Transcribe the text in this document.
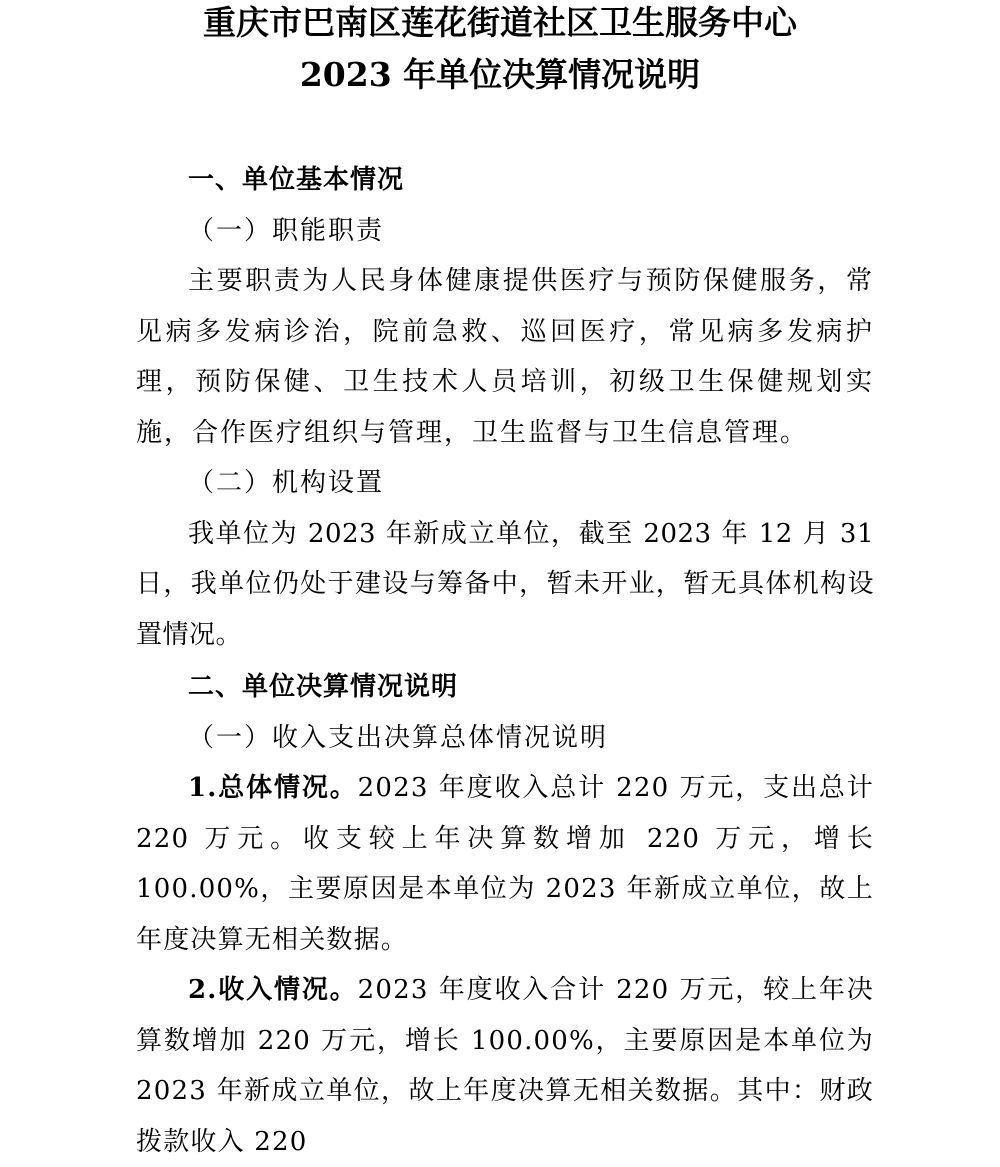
重庆市巴南区莲花街道社区卫生服务中心
2023 年单位决算情况说明

一、单位基本情况

（一）职能职责

主要职责为人民身体健康提供医疗与预防保健服务，常见病多发病诊治，院前急救、巡回医疗，常见病多发病护理，预防保健、卫生技术人员培训，初级卫生保健规划实施，合作医疗组织与管理，卫生监督与卫生信息管理。

（二）机构设置

我单位为 2023 年新成立单位，截至 2023 年 12 月 31 日，我单位仍处于建设与筹备中，暂未开业，暂无具体机构设置情况。

二、单位决算情况说明

（一）收入支出决算总体情况说明

1.总体情况。2023 年度收入总计 220 万元，支出总计 220 万元。收支较上年决算数增加 220 万元，增长 100.00%，主要原因是本单位为 2023 年新成立单位，故上年度决算无相关数据。

2.收入情况。2023 年度收入合计 220 万元，较上年决算数增加 220 万元，增长 100.00%，主要原因是本单位为 2023 年新成立单位，故上年度决算无相关数据。其中：财政拨款收入 220
